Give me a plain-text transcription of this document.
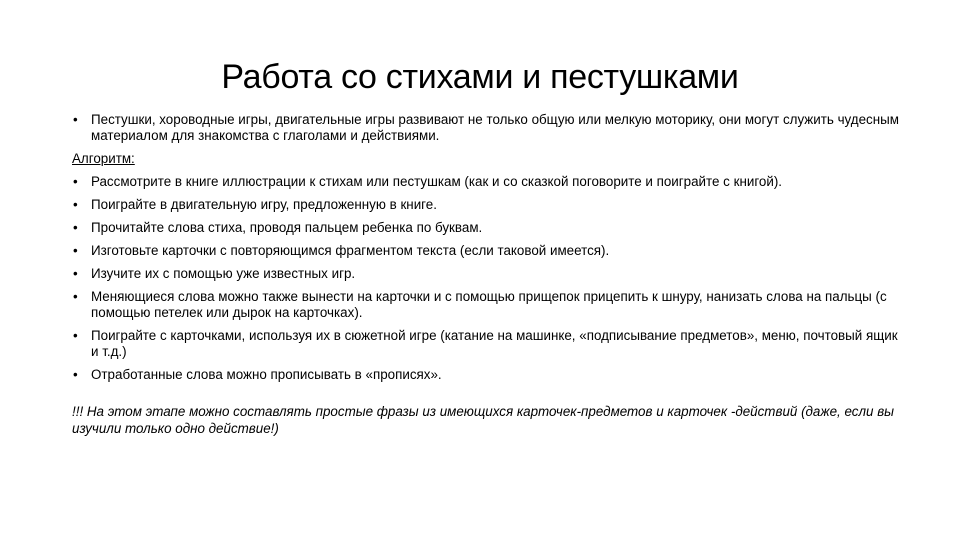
Работа со стихами и пестушками
• Пестушки, хороводные игры, двигательные игры развивают не только общую или мелкую моторику, они могут служить чудесным материалом для знакомства с глаголами и действиями.
Алгоритм:
• Рассмотрите в книге иллюстрации к стихам или пестушкам (как и со сказкой поговорите и поиграйте с книгой).
• Поиграйте в двигательную игру, предложенную в книге.
• Прочитайте слова стиха, проводя пальцем ребенка по буквам.
• Изготовьте карточки с повторяющимся фрагментом текста (если таковой имеется).
• Изучите их с помощью уже известных игр.
• Меняющиеся слова можно также вынести на карточки и с помощью прищепок прицепить к шнуру, нанизать слова на пальцы (с помощью петелек или дырок на карточках).
• Поиграйте с карточками, используя их в сюжетной игре (катание на машинке, «подписывание предметов», меню, почтовый ящик и т.д.)
• Отработанные слова можно прописывать в «прописях».
!!! На этом этапе можно составлять простые фразы из имеющихся карточек-предметов и карточек -действий (даже, если вы изучили только одно действие!)
